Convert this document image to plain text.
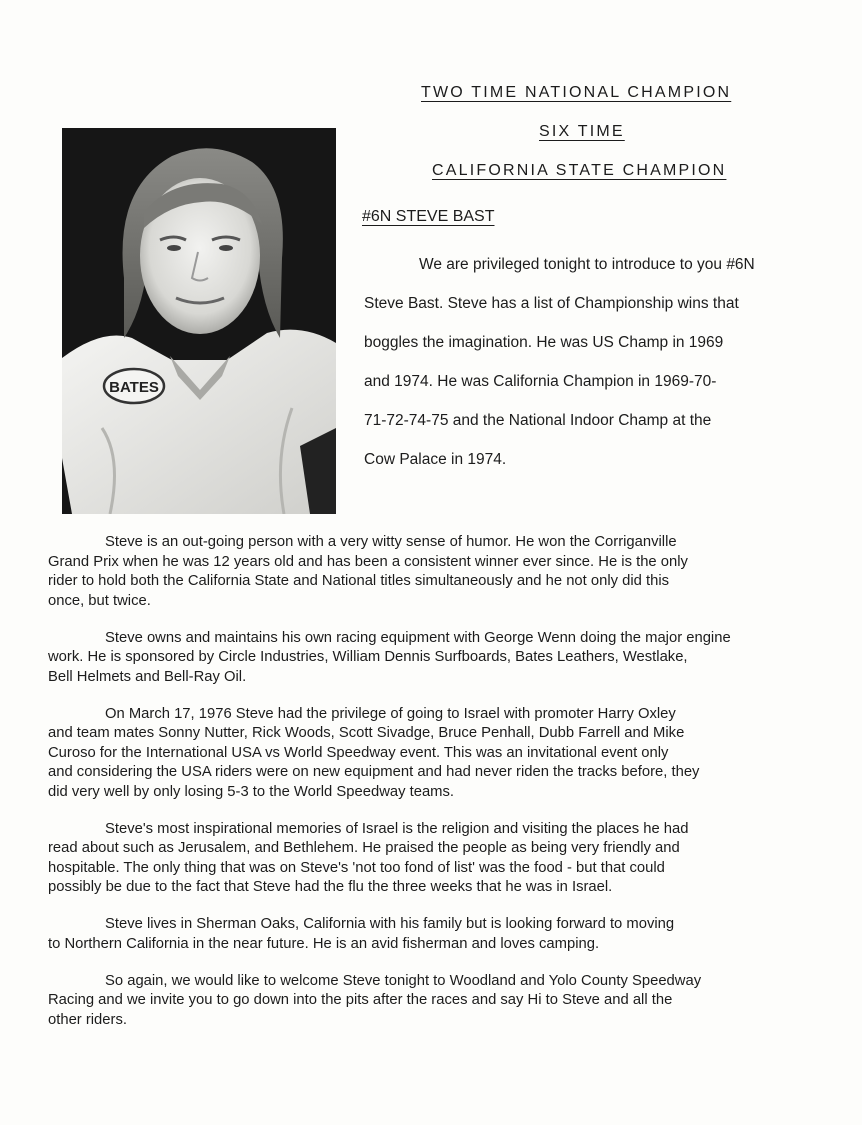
TWO TIME NATIONAL CHAMPION
SIX TIME
CALIFORNIA STATE CHAMPION
BATES
#6N STEVE BAST
We are privileged tonight to introduce to you #6N
Steve Bast. Steve has a list of Championship wins that
boggles the imagination. He was US Champ in 1969
and 1974. He was California Champion in 1969-70-
71-72-74-75 and the National Indoor Champ at the
Cow Palace in 1974.

Steve is an out-going person with a very witty sense of humor. He won the Corriganville
Grand Prix when he was 12 years old and has been a consistent winner ever since. He is the only
rider to hold both the California State and National titles simultaneously and he not only did this
once, but twice.

Steve owns and maintains his own racing equipment with George Wenn doing the major engine
work. He is sponsored by Circle Industries, William Dennis Surfboards, Bates Leathers, Westlake,
Bell Helmets and Bell-Ray Oil.

On March 17, 1976 Steve had the privilege of going to Israel with promoter Harry Oxley
and team mates Sonny Nutter, Rick Woods, Scott Sivadge, Bruce Penhall, Dubb Farrell and Mike
Curoso for the International USA vs World Speedway event. This was an invitational event only
and considering the USA riders were on new equipment and had never riden the tracks before, they
did very well by only losing 5-3 to the World Speedway teams.

Steve's most inspirational memories of Israel is the religion and visiting the places he had
read about such as Jerusalem, and Bethlehem. He praised the people as being very friendly and
hospitable. The only thing that was on Steve's 'not too fond of list' was the food - but that could
possibly be due to the fact that Steve had the flu the three weeks that he was in Israel.

Steve lives in Sherman Oaks, California with his family but is looking forward to moving
to Northern California in the near future. He is an avid fisherman and loves camping.

So again, we would like to welcome Steve tonight to Woodland and Yolo County Speedway
Racing and we invite you to go down into the pits after the races and say Hi to Steve and all the
other riders.
